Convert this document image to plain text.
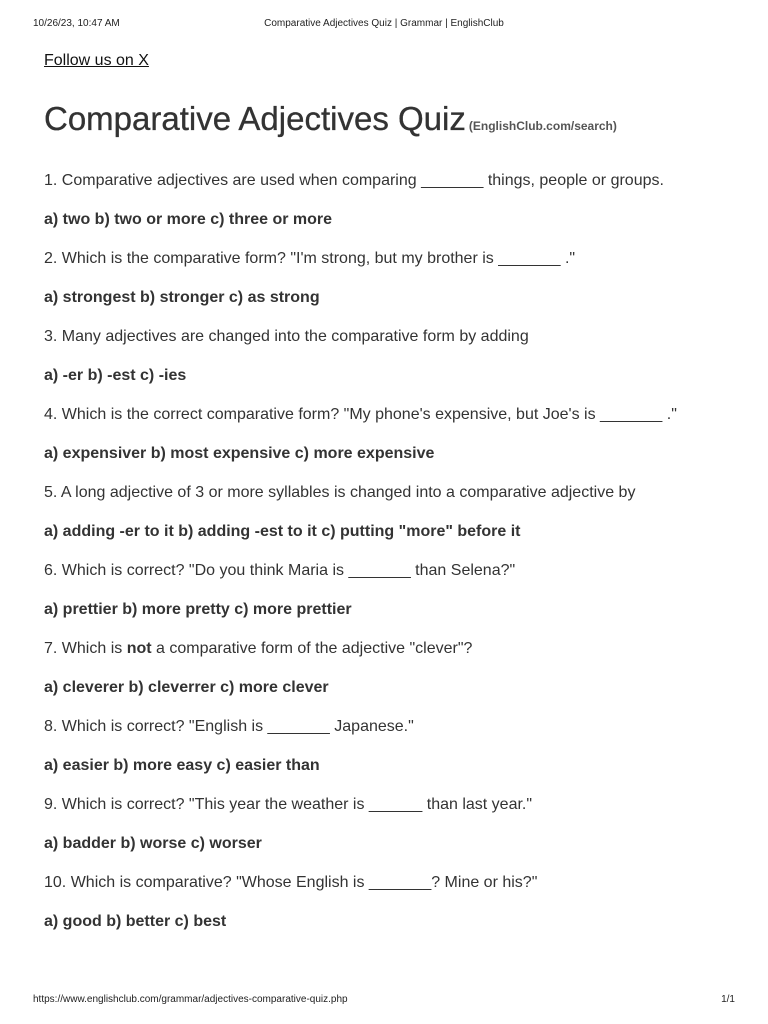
10/26/23, 10:47 AM	Comparative Adjectives Quiz | Grammar | EnglishClub
Follow us on X
Comparative Adjectives Quiz (EnglishClub.com/search)
1. Comparative adjectives are used when comparing _______ things, people or groups.
a) two b) two or more c) three or more
2. Which is the comparative form? "I'm strong, but my brother is _______ ."
a) strongest b) stronger c) as strong
3. Many adjectives are changed into the comparative form by adding
a) -er b) -est c) -ies
4. Which is the correct comparative form? "My phone's expensive, but Joe's is _______ ."
a) expensiver b) most expensive c) more expensive
5. A long adjective of 3 or more syllables is changed into a comparative adjective by
a) adding -er to it b) adding -est to it c) putting "more" before it
6. Which is correct? "Do you think Maria is _______ than Selena?"
a) prettier b) more pretty c) more prettier
7. Which is not a comparative form of the adjective "clever"?
a) cleverer b) cleverrer c) more clever
8. Which is correct? "English is _______ Japanese."
a) easier b) more easy c) easier than
9. Which is correct? "This year the weather is ______ than last year."
a) badder b) worse c) worser
10. Which is comparative? "Whose English is _______? Mine or his?"
a) good b) better c) best
https://www.englishclub.com/grammar/adjectives-comparative-quiz.php	1/1
